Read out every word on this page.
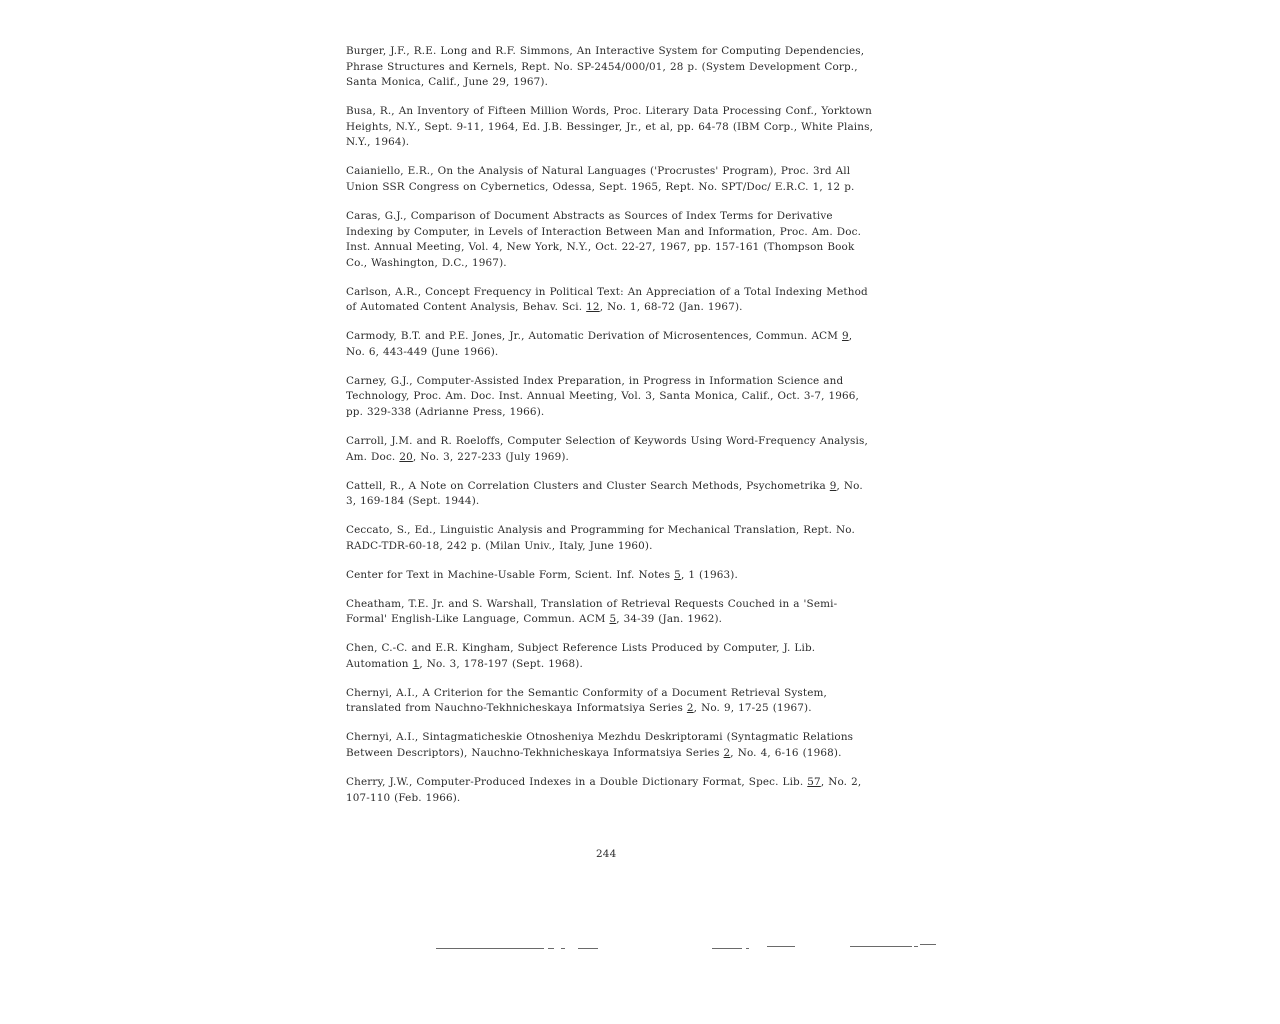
Burger, J.F., R.E. Long and R.F. Simmons, An Interactive System for Computing Dependencies, Phrase Structures and Kernels, Rept. No. SP-2454/000/01, 28 p. (System Development Corp., Santa Monica, Calif., June 29, 1967).

Busa, R., An Inventory of Fifteen Million Words, Proc. Literary Data Processing Conf., Yorktown Heights, N.Y., Sept. 9-11, 1964, Ed. J.B. Bessinger, Jr., et al, pp. 64-78 (IBM Corp., White Plains, N.Y., 1964).

Caianiello, E.R., On the Analysis of Natural Languages ('Procrustes' Program), Proc. 3rd All Union SSR Congress on Cybernetics, Odessa, Sept. 1965, Rept. No. SPT/Doc/ E.R.C. 1, 12 p.

Caras, G.J., Comparison of Document Abstracts as Sources of Index Terms for Derivative Indexing by Computer, in Levels of Interaction Between Man and Information, Proc. Am. Doc. Inst. Annual Meeting, Vol. 4, New York, N.Y., Oct. 22-27, 1967, pp. 157-161 (Thompson Book Co., Washington, D.C., 1967).

Carlson, A.R., Concept Frequency in Political Text: An Appreciation of a Total Indexing Method of Automated Content Analysis, Behav. Sci. 12, No. 1, 68-72 (Jan. 1967).

Carmody, B.T. and P.E. Jones, Jr., Automatic Derivation of Microsentences, Commun. ACM 9, No. 6, 443-449 (June 1966).

Carney, G.J., Computer-Assisted Index Preparation, in Progress in Information Science and Technology, Proc. Am. Doc. Inst. Annual Meeting, Vol. 3, Santa Monica, Calif., Oct. 3-7, 1966, pp. 329-338 (Adrianne Press, 1966).

Carroll, J.M. and R. Roeloffs, Computer Selection of Keywords Using Word-Frequency Analysis, Am. Doc. 20, No. 3, 227-233 (July 1969).

Cattell, R., A Note on Correlation Clusters and Cluster Search Methods, Psychometrika 9, No. 3, 169-184 (Sept. 1944).

Ceccato, S., Ed., Linguistic Analysis and Programming for Mechanical Translation, Rept. No. RADC-TDR-60-18, 242 p. (Milan Univ., Italy, June 1960).

Center for Text in Machine-Usable Form, Scient. Inf. Notes 5, 1 (1963).

Cheatham, T.E. Jr. and S. Warshall, Translation of Retrieval Requests Couched in a 'Semi-Formal' English-Like Language, Commun. ACM 5, 34-39 (Jan. 1962).

Chen, C.-C. and E.R. Kingham, Subject Reference Lists Produced by Computer, J. Lib. Automation 1, No. 3, 178-197 (Sept. 1968).

Chernyi, A.I., A Criterion for the Semantic Conformity of a Document Retrieval System, translated from Nauchno-Tekhnicheskaya Informatsiya Series 2, No. 9, 17-25 (1967).

Chernyi, A.I., Sintagmaticheskie Otnosheniya Mezhdu Deskriptorami (Syntagmatic Relations Between Descriptors), Nauchno-Tekhnicheskaya Informatsiya Series 2, No. 4, 6-16 (1968).

Cherry, J.W., Computer-Produced Indexes in a Double Dictionary Format, Spec. Lib. 57, No. 2, 107-110 (Feb. 1966).

244
